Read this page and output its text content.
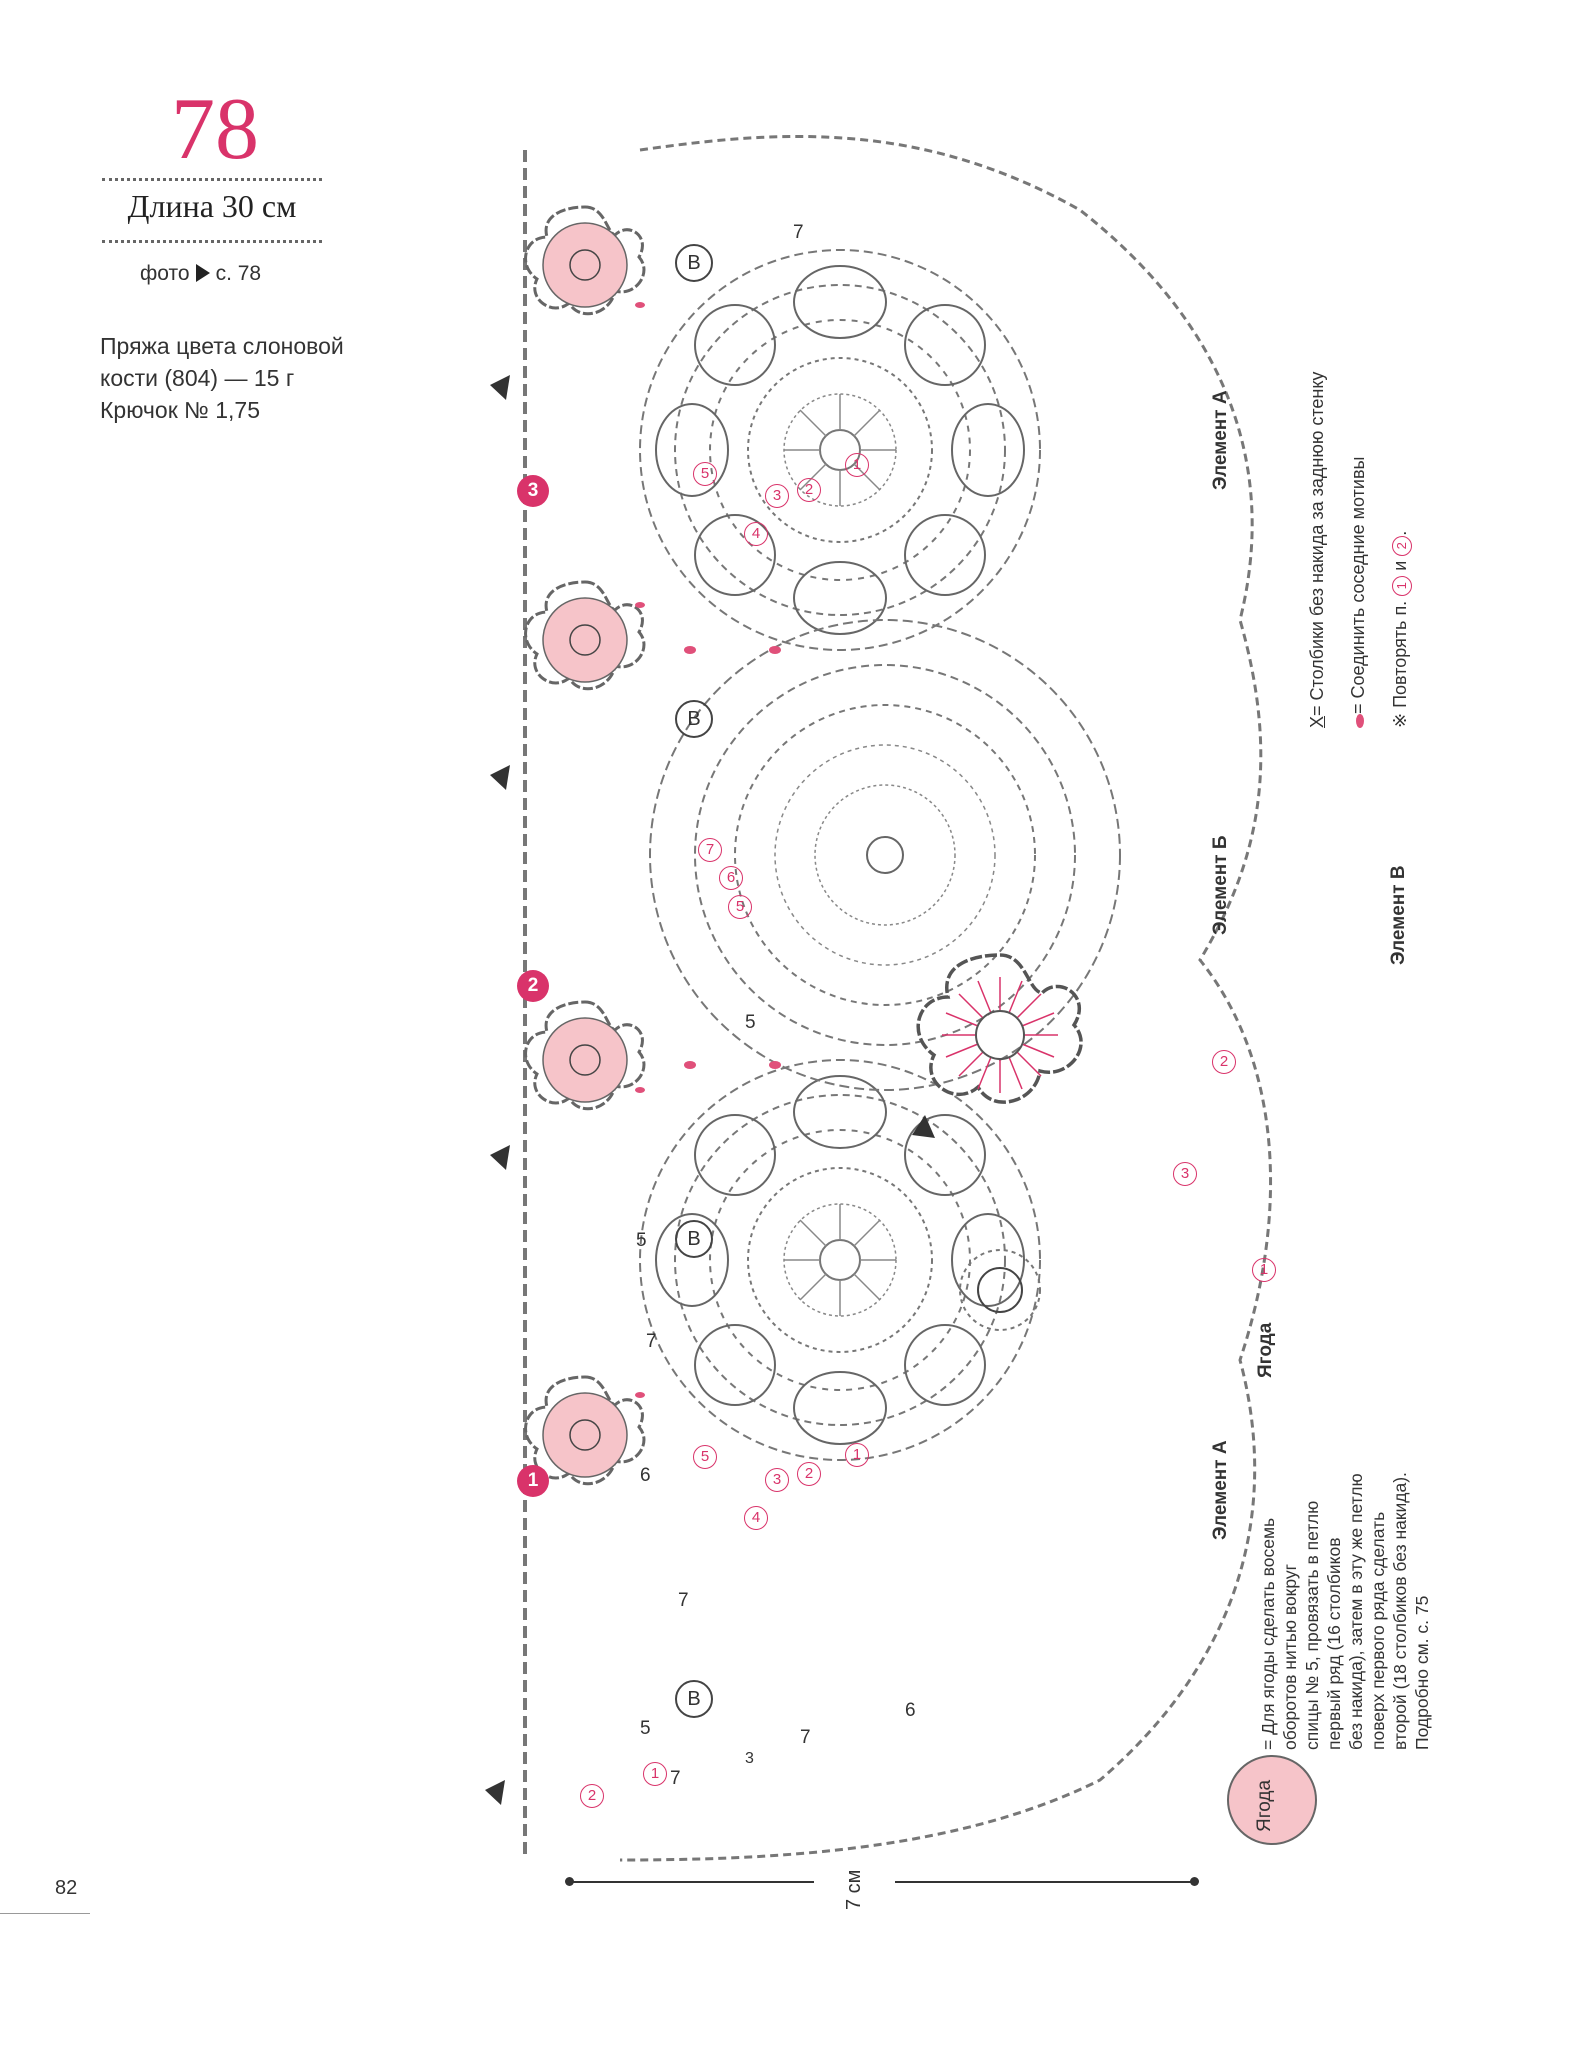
78
Длина 30 см
фото с. 78
Пряжа цвета слоновой
кости (804) — 15 г
Крючок № 1,75
В
В
В
В
3
2
1
1
2
3
4
5
5
6
7
1
2
3
4
5
1
2
2
3
1
7
5
5
7
6
7
7
6
5
7
3
Элемент А
Элемент Б	Элемент В
Элемент А
Ягода
X= Столбики без накида за заднюю стенку = Соединить соседние мотивы
※ Повторять п. 1 и 2.
Ягода
= Для ягоды сделать восемь оборотов нитью вокруг спицы № 5, провязать в петлю первый ряд (16 столбиков без накида), затем в эту же петлю поверх первого ряда сделать второй (18 столбиков без накида). Подробно см. с. 75
7 см
82
